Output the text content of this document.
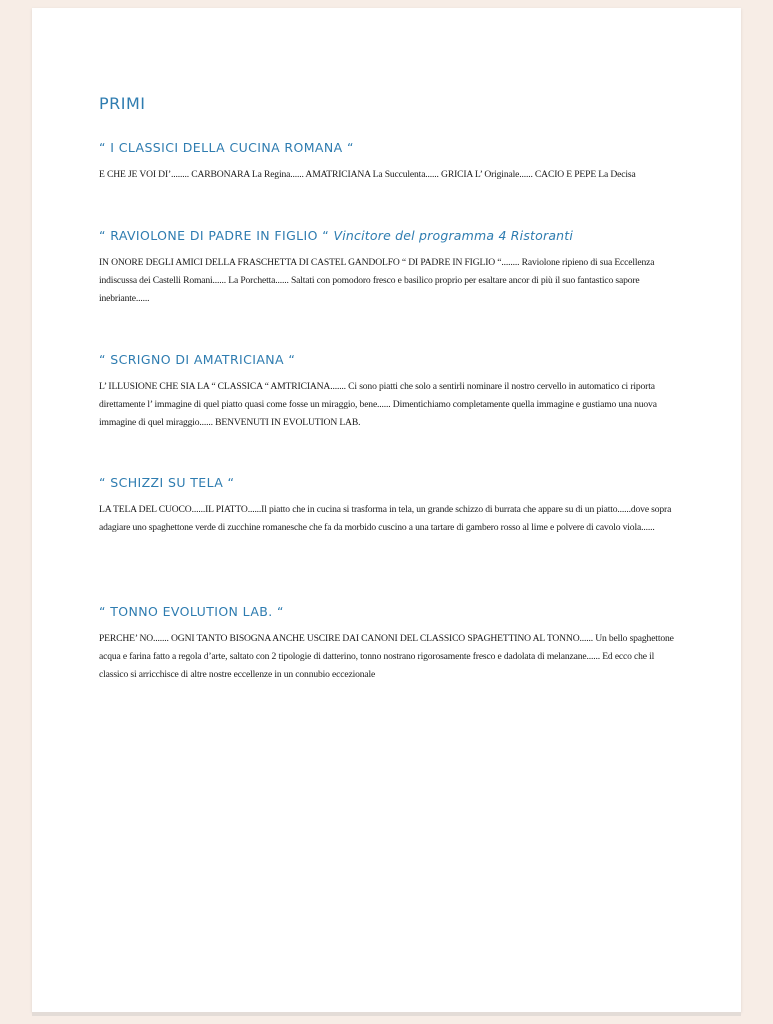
PRIMI
“ I CLASSICI DELLA CUCINA ROMANA “

E CHE JE VOI DI’........ CARBONARA La Regina...... AMATRICIANA La Succulenta...... GRICIA L’ Originale...... CACIO E PEPE La Decisa

“ RAVIOLONE DI PADRE IN FIGLIO “ Vincitore del programma 4 Ristoranti

IN ONORE DEGLI AMICI DELLA FRASCHETTA DI CASTEL GANDOLFO “ DI PADRE IN FIGLIO “........ Raviolone ripieno di sua Eccellenza indiscussa dei Castelli Romani...... La Porchetta...... Saltati con pomodoro fresco e basilico proprio per esaltare ancor di più il suo fantastico sapore inebriante......

“ SCRIGNO DI AMATRICIANA “

L’ ILLUSIONE CHE SIA LA “ CLASSICA “ AMTRICIANA....... Ci sono piatti che solo a sentirli nominare il nostro cervello in automatico ci riporta direttamente l’ immagine di quel piatto quasi come fosse un miraggio, bene...... Dimentichiamo completamente quella immagine e gustiamo una nuova immagine di quel miraggio...... BENVENUTI IN EVOLUTION LAB.

“ SCHIZZI SU TELA “

LA TELA DEL CUOCO......IL PIATTO......Il piatto che in cucina si trasforma in tela, un grande schizzo di burrata che appare su di un piatto......dove sopra adagiare uno spaghettone verde di zucchine romanesche che fa da morbido cuscino a una tartare di gambero rosso al lime e polvere di cavolo viola......

“ TONNO EVOLUTION LAB. “

PERCHE’ NO....... OGNI TANTO BISOGNA ANCHE USCIRE DAI CANONI DEL CLASSICO SPAGHETTINO AL TONNO...... Un bello spaghettone acqua e farina fatto a regola d’arte, saltato con 2 tipologie di datterino, tonno nostrano rigorosamente fresco e dadolata di melanzane...... Ed ecco che il classico si arricchisce di altre nostre eccellenze in un connubio eccezionale
